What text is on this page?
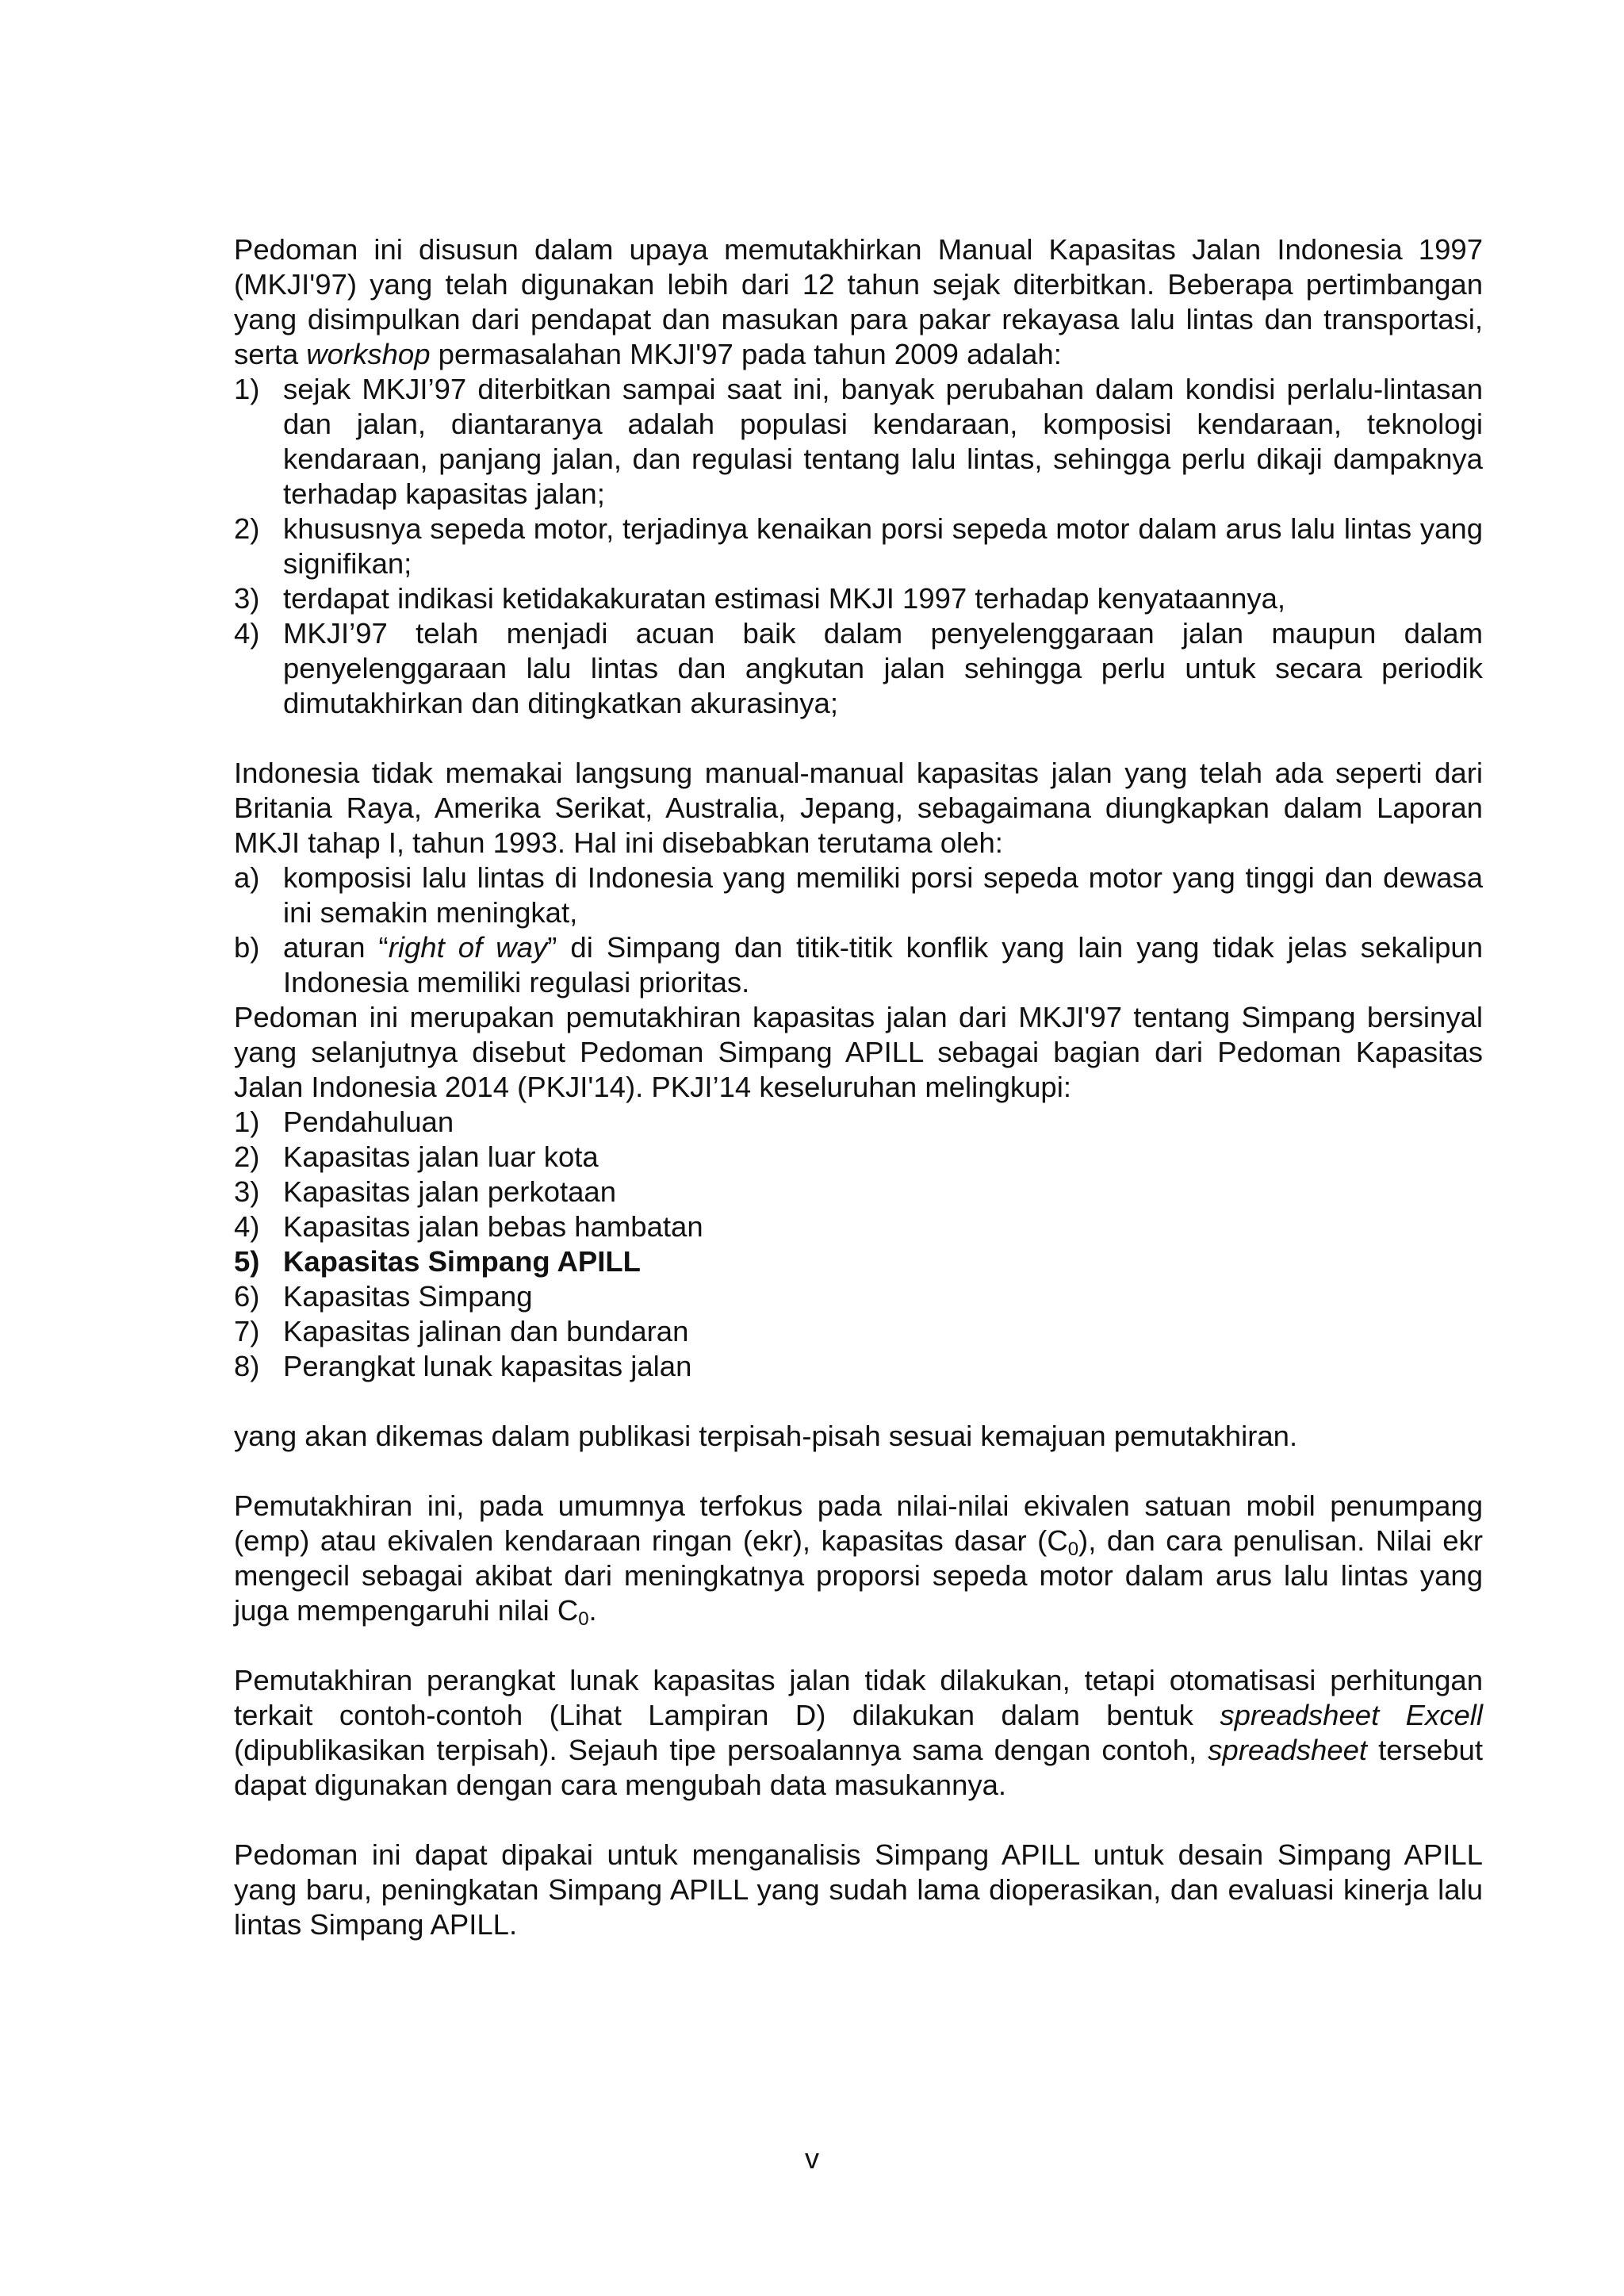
Pedoman ini disusun dalam upaya memutakhirkan Manual Kapasitas Jalan Indonesia 1997 (MKJI'97) yang telah digunakan lebih dari 12 tahun sejak diterbitkan. Beberapa pertimbangan yang disimpulkan dari pendapat dan masukan para pakar rekayasa lalu lintas dan transportasi, serta workshop permasalahan MKJI'97 pada tahun 2009 adalah:

1) sejak MKJI’97 diterbitkan sampai saat ini, banyak perubahan dalam kondisi perlalu-lintasan dan jalan, diantaranya adalah populasi kendaraan, komposisi kendaraan, teknologi kendaraan, panjang jalan, dan regulasi tentang lalu lintas, sehingga perlu dikaji dampaknya terhadap kapasitas jalan;
2) khususnya sepeda motor, terjadinya kenaikan porsi sepeda motor dalam arus lalu lintas yang signifikan;
3) terdapat indikasi ketidakakuratan estimasi MKJI 1997 terhadap kenyataannya,
4) MKJI’97 telah menjadi acuan baik dalam penyelenggaraan jalan maupun dalam penyelenggaraan lalu lintas dan angkutan jalan sehingga perlu untuk secara periodik dimutakhirkan dan ditingkatkan akurasinya;

Indonesia tidak memakai langsung manual-manual kapasitas jalan yang telah ada seperti dari Britania Raya, Amerika Serikat, Australia, Jepang, sebagaimana diungkapkan dalam Laporan MKJI tahap I, tahun 1993. Hal ini disebabkan terutama oleh:

a) komposisi lalu lintas di Indonesia yang memiliki porsi sepeda motor yang tinggi dan dewasa ini semakin meningkat,
b) aturan “right of way” di Simpang dan titik-titik konflik yang lain yang tidak jelas sekalipun Indonesia memiliki regulasi prioritas.

Pedoman ini merupakan pemutakhiran kapasitas jalan dari MKJI'97 tentang Simpang bersinyal yang selanjutnya disebut Pedoman Simpang APILL sebagai bagian dari Pedoman Kapasitas Jalan Indonesia 2014 (PKJI'14). PKJI’14 keseluruhan melingkupi:

1) Pendahuluan
2) Kapasitas jalan luar kota
3) Kapasitas jalan perkotaan
4) Kapasitas jalan bebas hambatan
5) Kapasitas Simpang APILL
6) Kapasitas Simpang
7) Kapasitas jalinan dan bundaran
8) Perangkat lunak kapasitas jalan

yang akan dikemas dalam publikasi terpisah-pisah sesuai kemajuan pemutakhiran.

Pemutakhiran ini, pada umumnya terfokus pada nilai-nilai ekivalen satuan mobil penumpang (emp) atau ekivalen kendaraan ringan (ekr), kapasitas dasar $(C_0)$, dan cara penulisan. Nilai ekr mengecil sebagai akibat dari meningkatnya proporsi sepeda motor dalam arus lalu lintas yang juga mempengaruhi nilai $C_0$.

Pemutakhiran perangkat lunak kapasitas jalan tidak dilakukan, tetapi otomatisasi perhitungan terkait contoh-contoh (Lihat Lampiran D) dilakukan dalam bentuk spreadsheet Excell (dipublikasikan terpisah). Sejauh tipe persoalannya sama dengan contoh, spreadsheet tersebut dapat digunakan dengan cara mengubah data masukannya.

Pedoman ini dapat dipakai untuk menganalisis Simpang APILL untuk desain Simpang APILL yang baru, peningkatan Simpang APILL yang sudah lama dioperasikan, dan evaluasi kinerja lalu lintas Simpang APILL.

v
